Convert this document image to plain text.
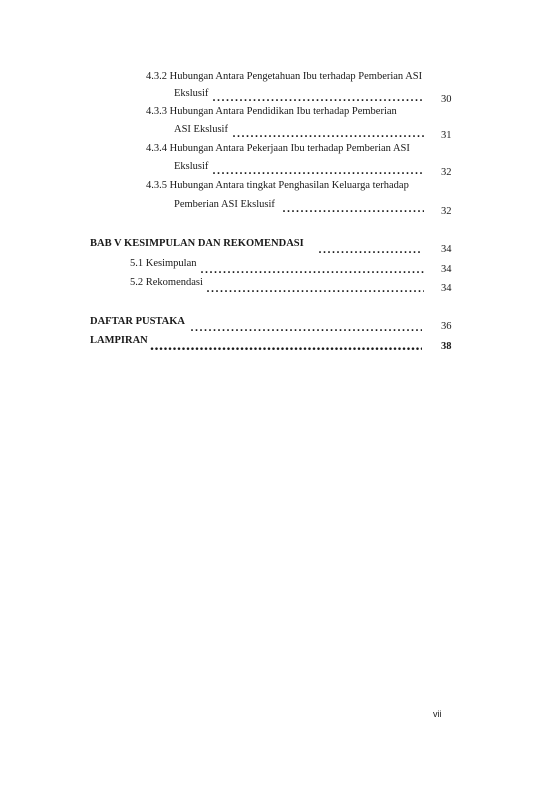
4.3.2 Hubungan Antara Pengetahuan Ibu terhadap Pemberian ASI
Ekslusif
.....
30
4.3.3 Hubungan Antara Pendidikan Ibu terhadap Pemberian
ASI Ekslusif
.....
31
4.3.4 Hubungan Antara Pekerjaan Ibu terhadap Pemberian ASI
Ekslusif
.....
32
4.3.5 Hubungan Antara tingkat Penghasilan Keluarga terhadap
Pemberian ASI Ekslusif
.....
32
BAB V KESIMPULAN DAN REKOMENDASI
.....
34
5.1 Kesimpulan
.....
34
5.2 Rekomendasi
.....
34
DAFTAR PUSTAKA
.....	36
LAMPIRAN
.....
38
vii
